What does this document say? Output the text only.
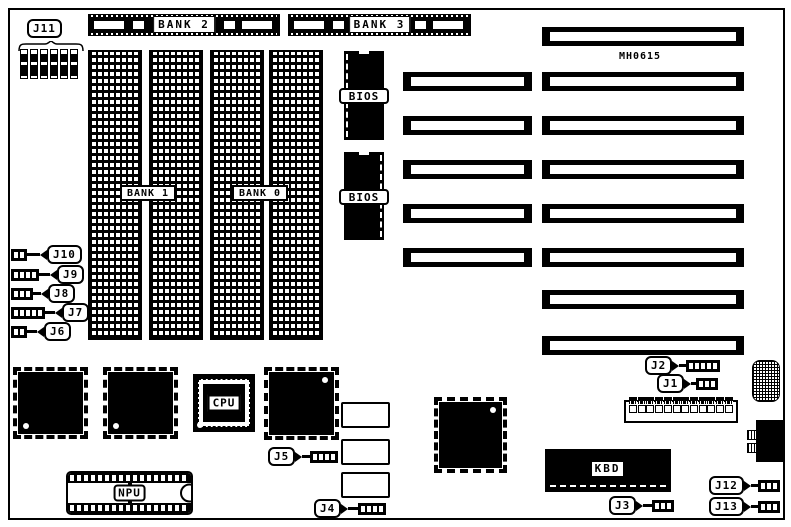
J11	BANK 2	BANK 3
BANK 1	BANK 0
BIOS
BIOS
MH0615
J10
J9
J8
J7
J6
CPU
NPU
J5
J4
J2
J1
KBD
J3
J12
J13
